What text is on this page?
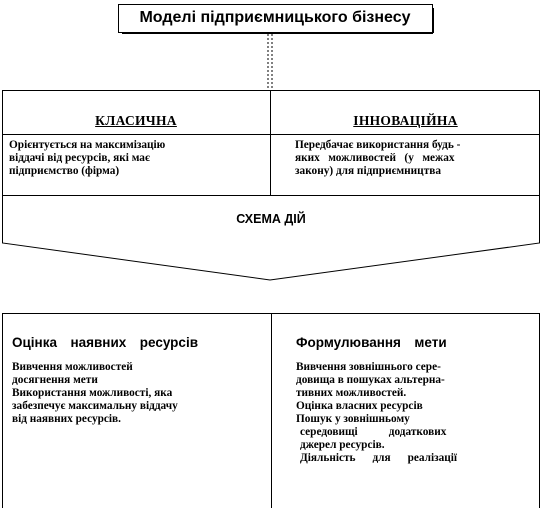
Моделі підприємницького бізнесу
КЛАСИЧНА	ІННОВАЦІЙНА
Орієнтується на максимізацію
віддачі від ресурсів, які має
підприємство (фірма)
Передбачає використання будь -
яких   можливостей   (у   межах
закону) для підприємництва
СХЕМА ДІЙ
Оцінка  наявних  ресурсів
Вивчення можливостей
досягнення мети
Використання можливості, яка
забезпечує максимальну віддачу
від наявних ресурсів.
Формулювання  мети
Вивчення зовнішнього сере-
довища в пошуках альтерна-
тивних можливостей.
Оцінка власних ресурсів
Пошук у зовнішньому
середовищі           додаткових
джерел ресурсів.
Діяльність      для      реалізації
